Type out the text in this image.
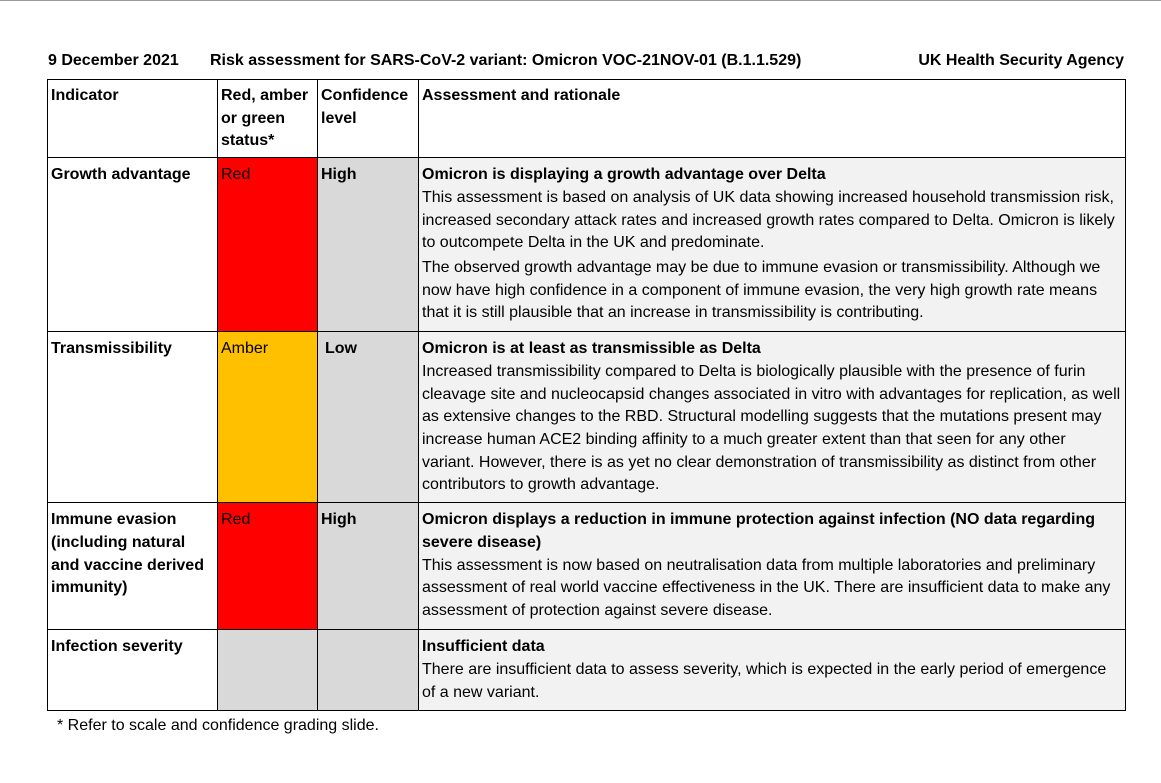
9 December 2021 Risk assessment for SARS-CoV-2 variant: Omicron VOC-21NOV-01 (B.1.1.529)	UK Health Security Agency
Indicator	Red, amber or green status*	Confidence level	Assessment and rationale
Growth advantage	Red	High	Omicron is displaying a growth advantage over Delta

This assessment is based on analysis of UK data showing increased household transmission risk, increased secondary attack rates and increased growth rates compared to Delta. Omicron is likely to outcompete Delta in the UK and predominate.

The observed growth advantage may be due to immune evasion or transmissibility. Although we now have high confidence in a component of immune evasion, the very high growth rate means that it is still plausible that an increase in transmissibility is contributing.

Transmissibility	Amber	Low	Omicron is at least as transmissible as Delta

Increased transmissibility compared to Delta is biologically plausible with the presence of furin cleavage site and nucleocapsid changes associated in vitro with advantages for replication, as well as extensive changes to the RBD. Structural modelling suggests that the mutations present may increase human ACE2 binding affinity to a much greater extent than that seen for any other variant. However, there is as yet no clear demonstration of transmissibility as distinct from other contributors to growth advantage.

Immune evasion (including natural and vaccine derived immunity)	Red	High	Omicron displays a reduction in immune protection against infection (NO data regarding severe disease)

This assessment is now based on neutralisation data from multiple laboratories and preliminary assessment of real world vaccine effectiveness in the UK. There are insufficient data to make any assessment of protection against severe disease.

Infection severity			Insufficient data

There are insufficient data to assess severity, which is expected in the early period of emergence of a new variant.

* Refer to scale and confidence grading slide.
